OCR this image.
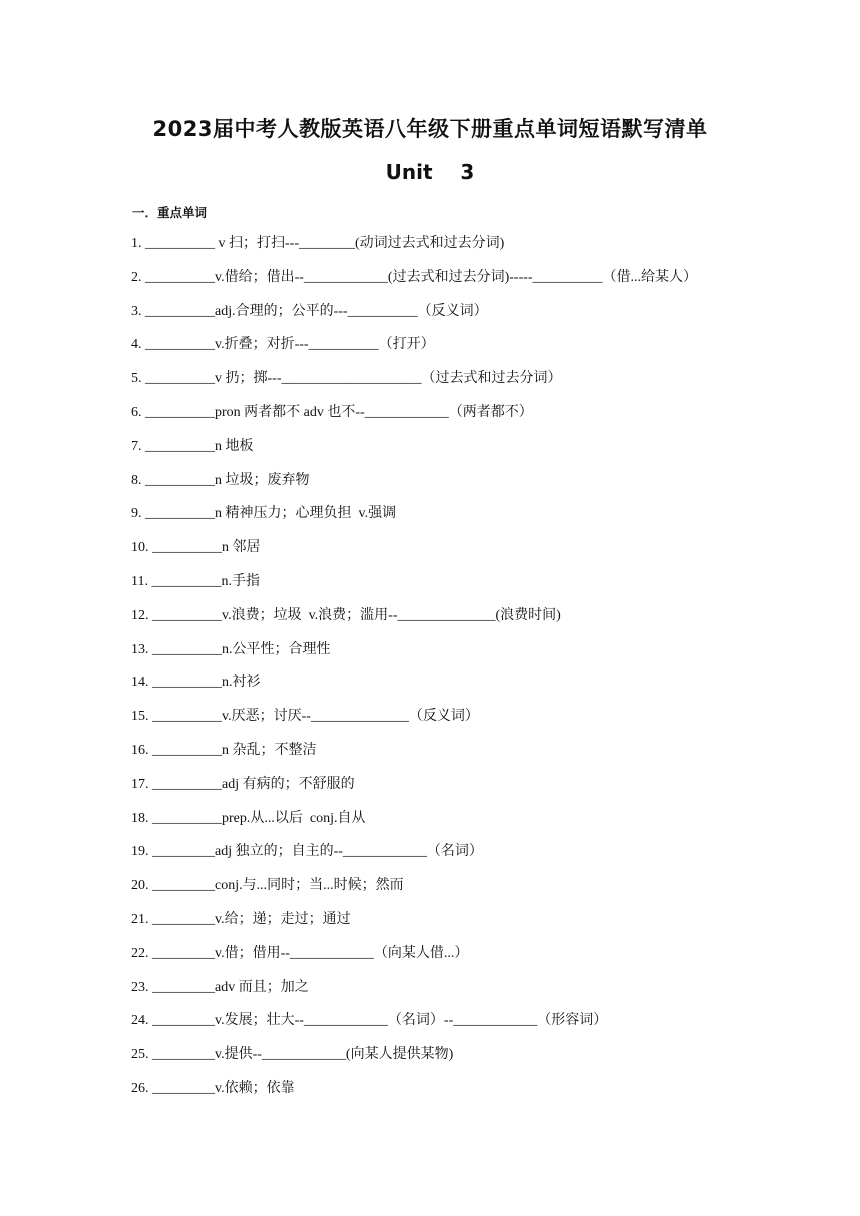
2023届中考人教版英语八年级下册重点单词短语默写清单
Unit    3
一．重点单词
1. __________ v 扫；打扫---________(动词过去式和过去分词)
2. __________v.借给；借出--____________(过去式和过去分词)-----__________（借...给某人）
3. __________adj.合理的；公平的---__________（反义词）
4. __________v.折叠；对折---__________（打开）
5. __________v 扔；掷---____________________（过去式和过去分词）
6. __________pron 两者都不 adv 也不--____________（两者都不）
7. __________n 地板
8. __________n 垃圾；废弃物
9. __________n 精神压力；心理负担  v.强调
10. __________n 邻居
11. __________n.手指
12. __________v.浪费；垃圾  v.浪费；滥用--______________(浪费时间)
13. __________n.公平性；合理性
14. __________n.衬衫
15. __________v.厌恶；讨厌--______________（反义词）
16. __________n 杂乱；不整洁
17. __________adj 有病的；不舒服的
18. __________prep.从...以后  conj.自从
19. _________adj 独立的；自主的--____________（名词）
20. _________conj.与...同时；当...时候；然而
21. _________v.给；递；走过；通过
22. _________v.借；借用--____________（向某人借...）
23. _________adv 而且；加之
24. _________v.发展；壮大--____________（名词）--____________（形容词）
25. _________v.提供--____________(向某人提供某物)
26. _________v.依赖；依靠
